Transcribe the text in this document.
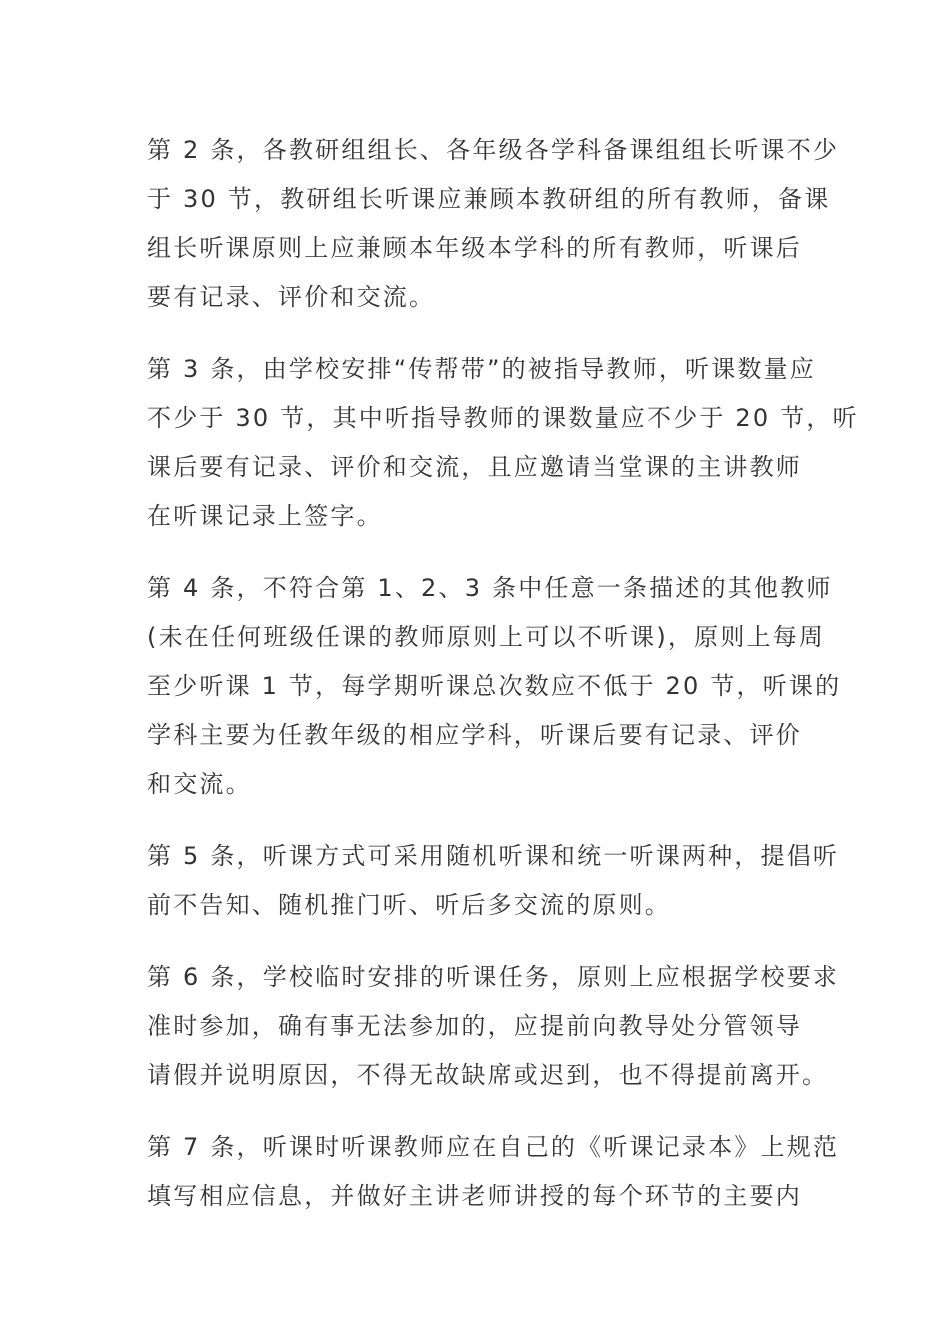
第 2 条，各教研组组长、各年级各学科备课组组长听课不少
于 30 节，教研组长听课应兼顾本教研组的所有教师，备课
组长听课原则上应兼顾本年级本学科的所有教师，听课后
要有记录、评价和交流。
第 3 条，由学校安排“传帮带”的被指导教师，听课数量应
不少于 30 节，其中听指导教师的课数量应不少于 20 节，听
课后要有记录、评价和交流，且应邀请当堂课的主讲教师
在听课记录上签字。
第 4 条，不符合第 1、2、3 条中任意一条描述的其他教师
(未在任何班级任课的教师原则上可以不听课)，原则上每周
至少听课 1 节，每学期听课总次数应不低于 20 节，听课的
学科主要为任教年级的相应学科，听课后要有记录、评价
和交流。
第 5 条，听课方式可采用随机听课和统一听课两种，提倡听
前不告知、随机推门听、听后多交流的原则。
第 6 条，学校临时安排的听课任务，原则上应根据学校要求
准时参加，确有事无法参加的，应提前向教导处分管领导
请假并说明原因，不得无故缺席或迟到，也不得提前离开。
第 7 条，听课时听课教师应在自己的《听课记录本》上规范
填写相应信息，并做好主讲老师讲授的每个环节的主要内
